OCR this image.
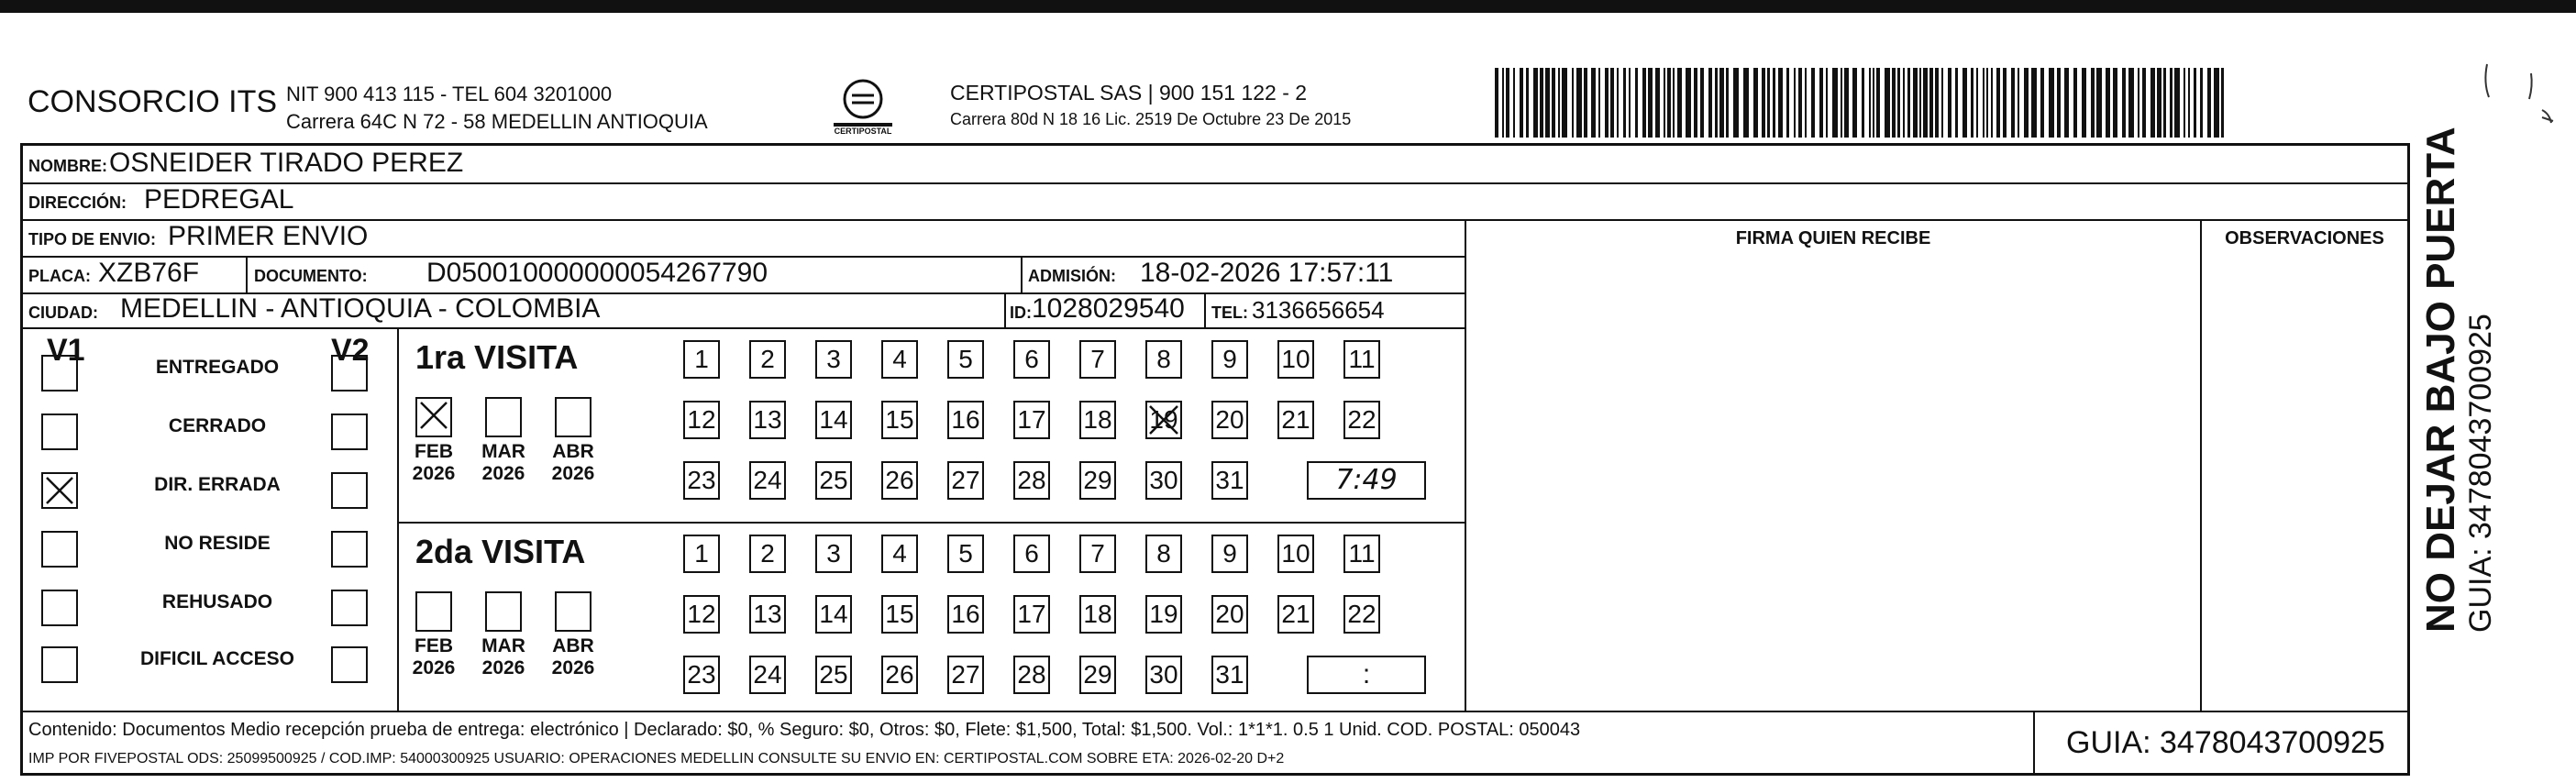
CONSORCIO ITS NIT 900 413 115 - TEL 604 3201000
Carrera 64C N 72 - 58 MEDELLIN ANTIOQUIA	CERTIPOSTAL
CERTIPOSTAL SAS | 900 151 122 - 2
Carrera 80d N 18 16 Lic. 2519 De Octubre 23 De 2015
NOMBRE: OSNEIDER TIRADO PEREZ
DIRECCIÓN: PEDREGAL
TIPO DE ENVIO: PRIMER ENVIO	FIRMA QUIEN RECIBE	OBSERVACIONES
PLACA: XZB76F	DOCUMENTO: D050010000000054267790	ADMISIÓN: 18-02-2026 17:57:11
CIUDAD: MEDELLIN - ANTIOQUIA - COLOMBIA	ID: 1028029540 TEL: 3136656654
V1	V2
ENTREGADO
CERRADO
DIR. ERRADA
NO RESIDE
REHUSADO
DIFICIL ACCESO
1ra VISITA
FEB
2026
MAR
2026
ABR
2026
1	2	3	4	5	6	7	8	9	10 11
12 13 14 15 16 17 18 19 20 21 22
23 24 25 26 27 28 29 30 31	7:49
2da VISITA
FEB
2026
MAR
2026
ABR
2026
1	2	3	4	5	6	7	8	9	10 11
12 13 14 15 16 17 18 19 20 21 22
23 24 25 26 27 28 29 30 31	:
Contenido: Documentos Medio recepción prueba de entrega: electrónico | Declarado: $0, % Seguro: $0, Otros: $0, Flete: $1,500, Total: $1,500. Vol.: 1*1*1. 0.5 1 Unid. COD. POSTAL: 050043
IMP POR FIVEPOSTAL ODS: 25099500925 / COD.IMP: 54000300925 USUARIO: OPERACIONES MEDELLIN CONSULTE SU ENVIO EN: CERTIPOSTAL.COM SOBRE ETA: 2026-02-20 D+2	GUIA: 3478043700925
NO DEJAR BAJO PUERTA GUIA: 3478043700925
